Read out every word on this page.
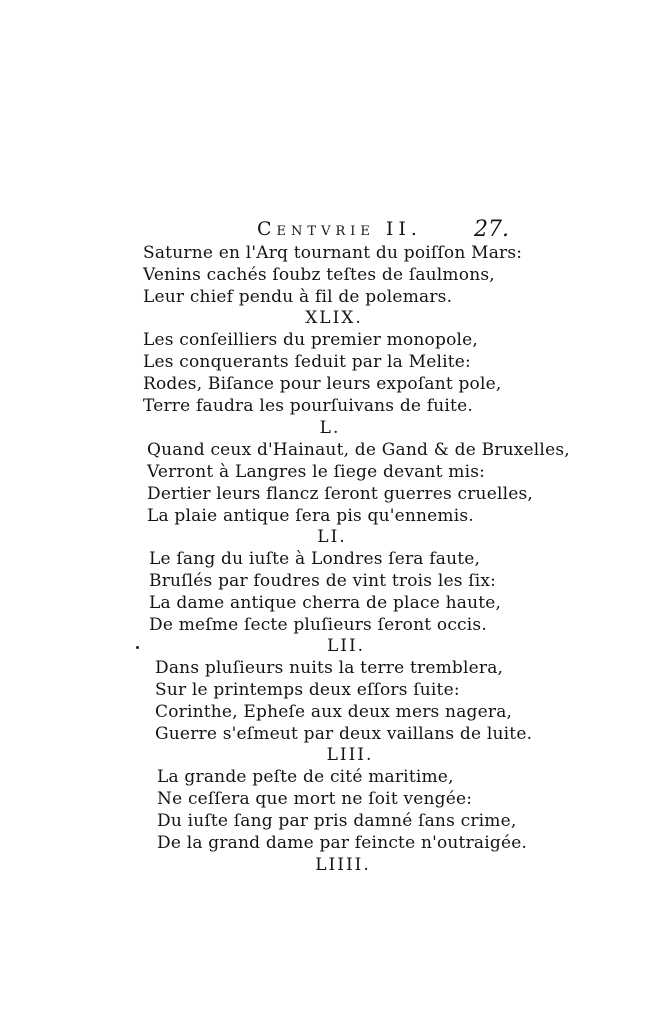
Centvrie II. 27.
Saturne en l'Arq tournant du poiſſon Mars:
Venins cachés ſoubz teſtes de ſaulmons,
Leur chief pendu à fil de polemars.
XLIX.
Les conſeilliers du premier monopole,
Les conquerants ſeduit par la Melite:
Rodes, Biſance pour leurs expoſant pole,
Terre faudra les pourſuivans de fuite.
L.
Quand ceux d'Hainaut, de Gand & de Bruxelles,
Verront à Langres le ſiege devant mis:
Dertier leurs flancz ſeront guerres cruelles,
La plaie antique ſera pis qu'ennemis.
LI.
Le ſang du iuſte à Londres ſera faute,
Bruſlés par foudres de vint trois les ſix:
La dame antique cherra de place haute,
De meſme ſecte pluſieurs ſeront occis.
LII.
Dans pluſieurs nuits la terre tremblera,
Sur le printemps deux eſſors ſuite:
Corinthe, Epheſe aux deux mers nagera,
Guerre s'eſmeut par deux vaillans de luite.
LIII.
La grande peſte de cité maritime,
Ne ceſſera que mort ne ſoit vengée:
Du iuſte ſang par pris damné ſans crime,
De la grand dame par feincte n'outraigée.
LIIII.
